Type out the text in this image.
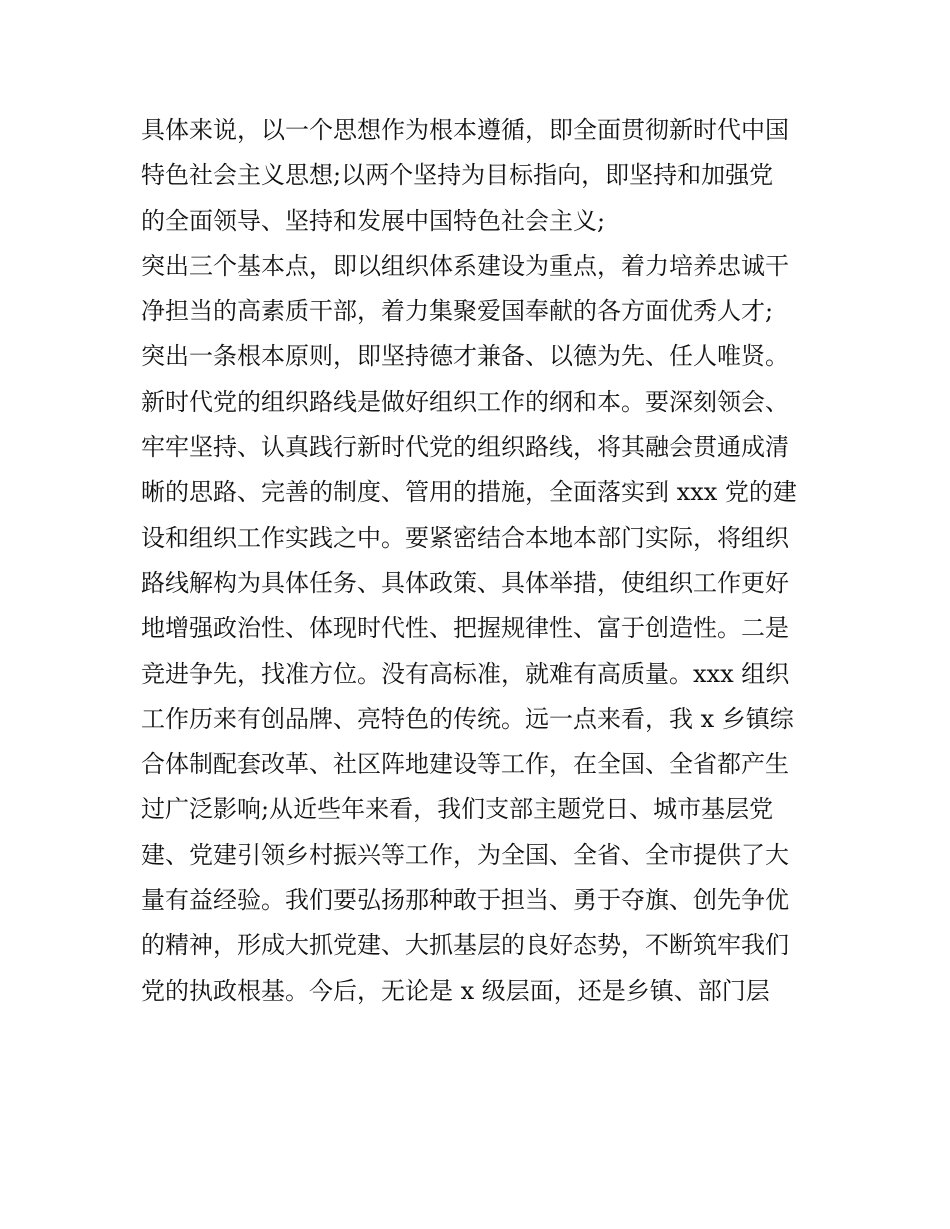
具体来说，以一个思想作为根本遵循，即全面贯彻新时代中国
特色社会主义思想;以两个坚持为目标指向，即坚持和加强党
的全面领导、坚持和发展中国特色社会主义;
突出三个基本点，即以组织体系建设为重点，着力培养忠诚干
净担当的高素质干部，着力集聚爱国奉献的各方面优秀人才;
突出一条根本原则，即坚持德才兼备、以德为先、任人唯贤。
新时代党的组织路线是做好组织工作的纲和本。要深刻领会、
牢牢坚持、认真践行新时代党的组织路线，将其融会贯通成清
晰的思路、完善的制度、管用的措施，全面落实到 xxx 党的建
设和组织工作实践之中。要紧密结合本地本部门实际，将组织
路线解构为具体任务、具体政策、具体举措，使组织工作更好
地增强政治性、体现时代性、把握规律性、富于创造性。二是
竞进争先，找准方位。没有高标准，就难有高质量。xxx 组织
工作历来有创品牌、亮特色的传统。远一点来看，我 x 乡镇综
合体制配套改革、社区阵地建设等工作，在全国、全省都产生
过广泛影响;从近些年来看，我们支部主题党日、城市基层党
建、党建引领乡村振兴等工作，为全国、全省、全市提供了大
量有益经验。我们要弘扬那种敢于担当、勇于夺旗、创先争优
的精神，形成大抓党建、大抓基层的良好态势，不断筑牢我们
党的执政根基。今后，无论是 x 级层面，还是乡镇、部门层
